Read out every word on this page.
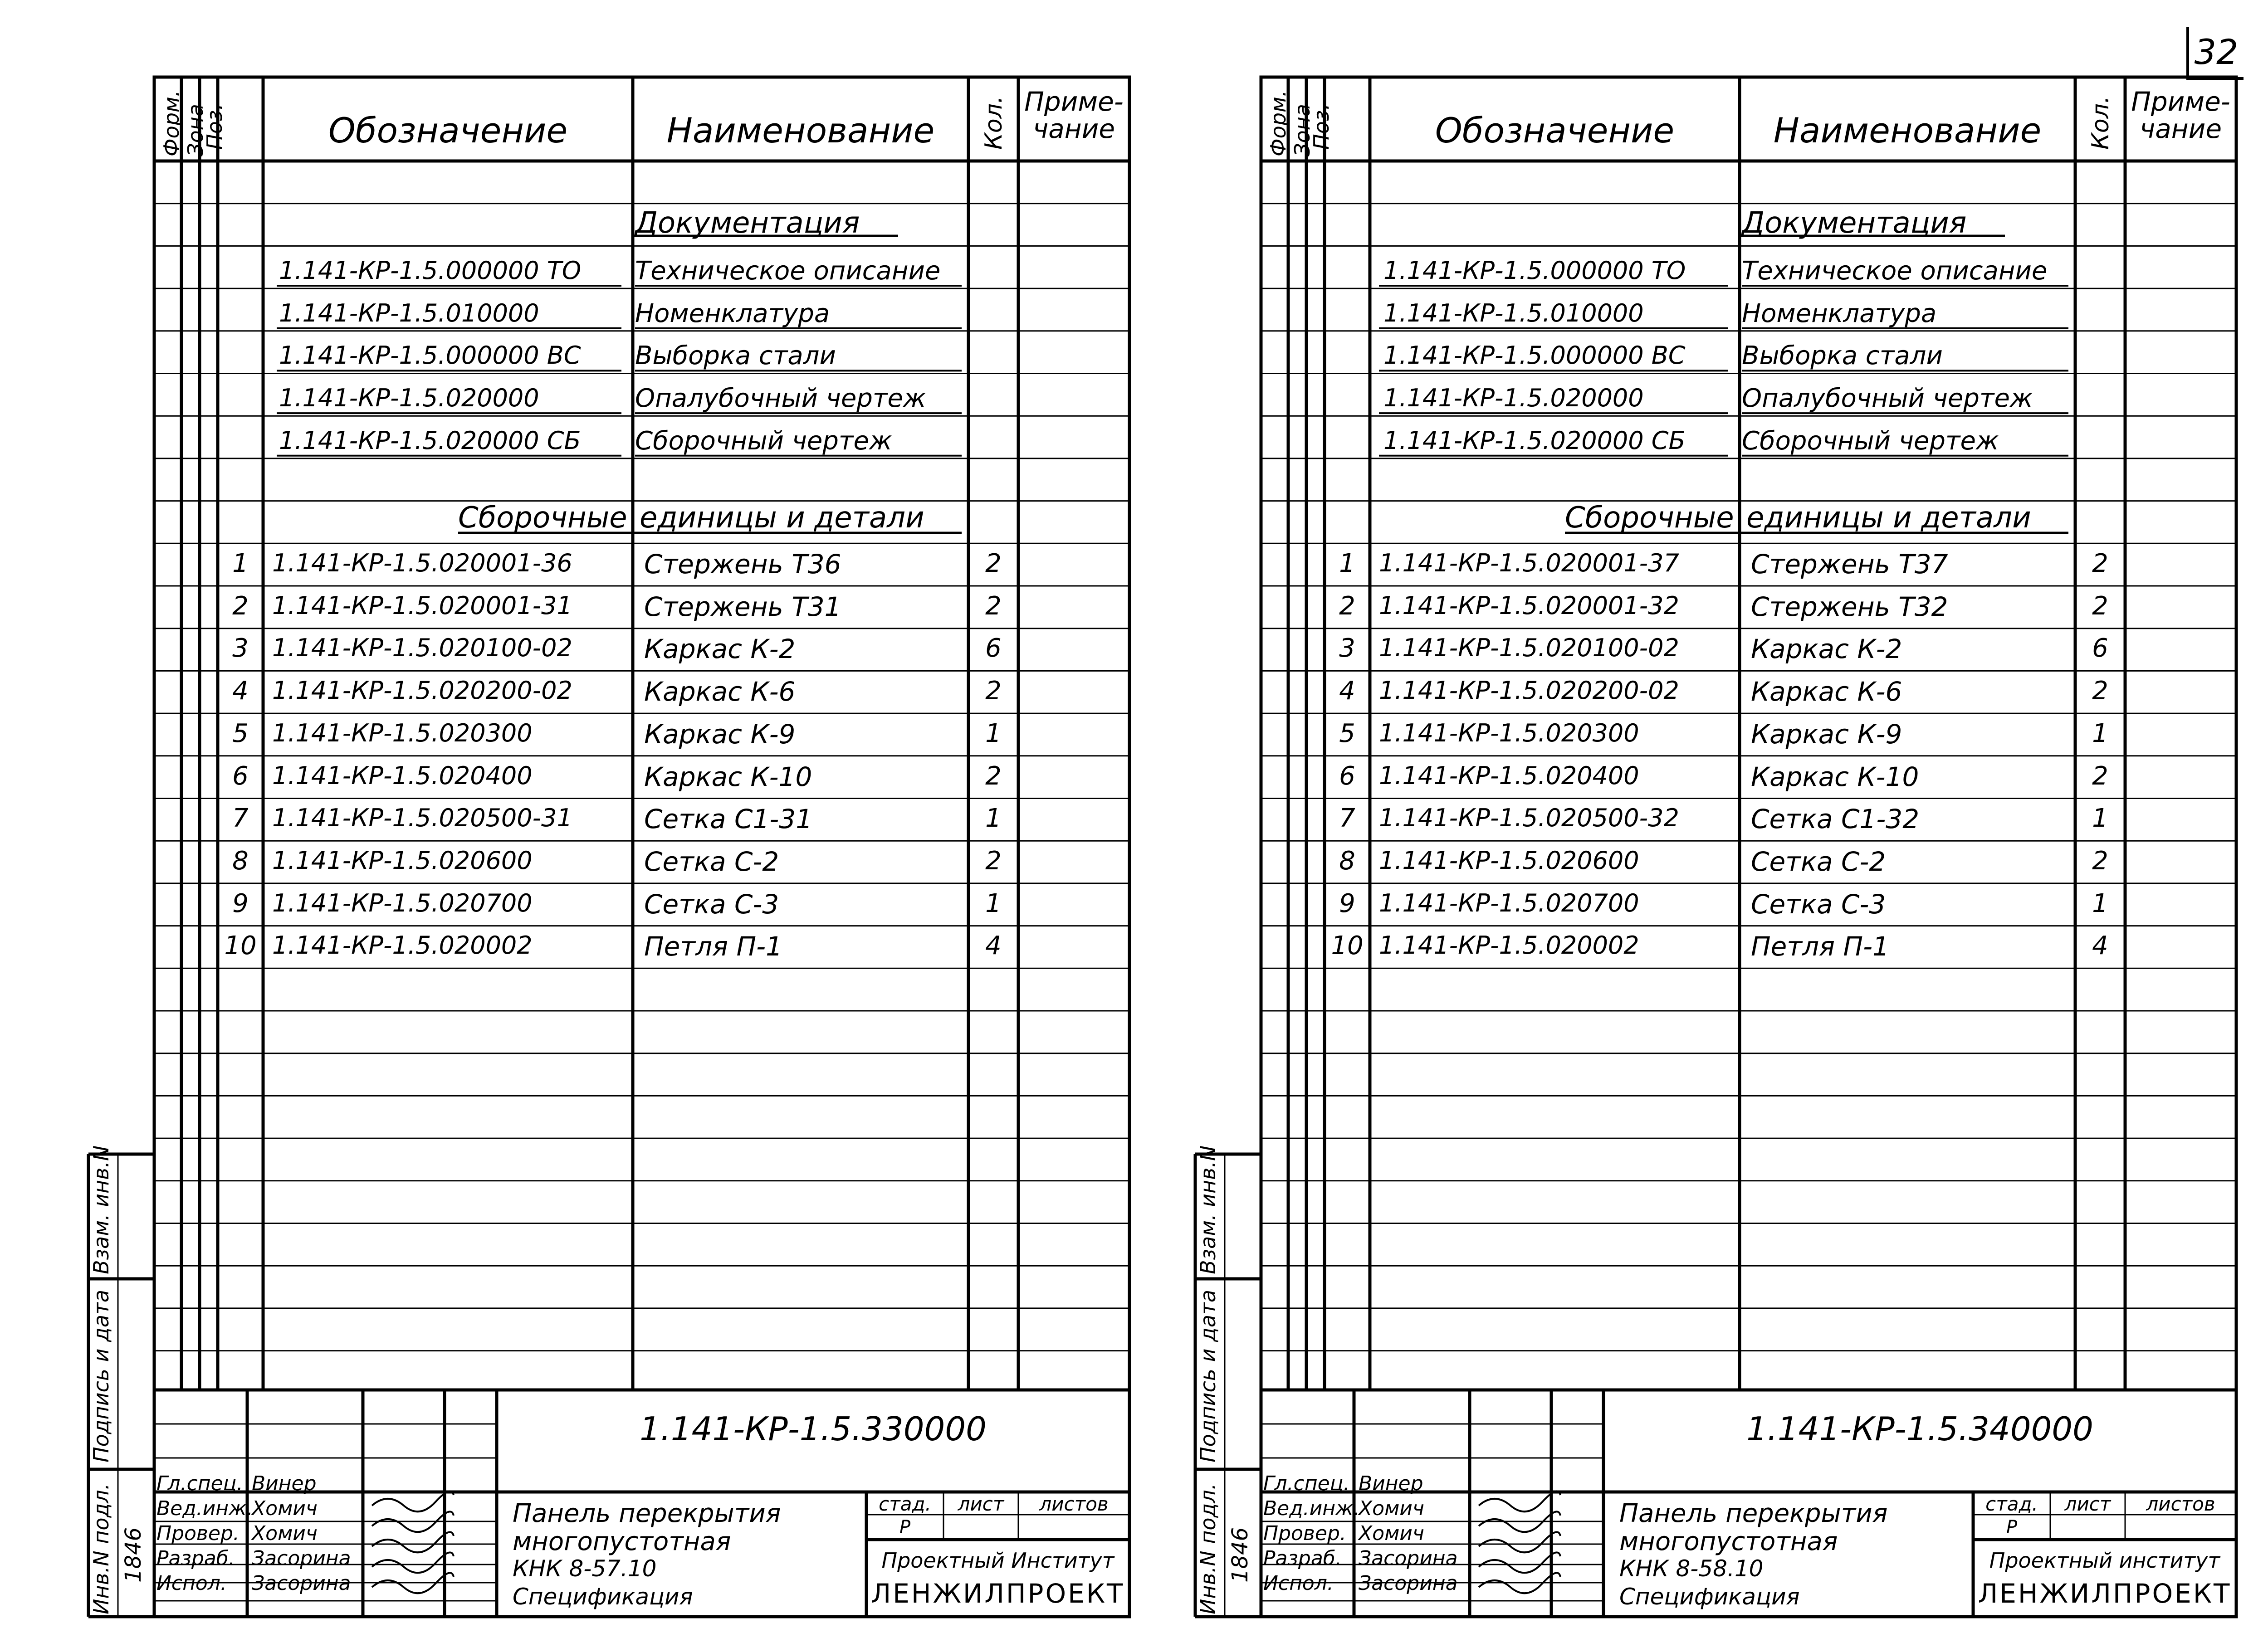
32
Форм. Зона
Поз.	Обозначение	Наименование	Кол. Приме-
чание
Документация
1.141-КР-1.5.000000 ТО Техническое описание
1.141-КР-1.5.010000	Номенклатура
1.141-КР-1.5.000000 ВС Выборка стали
1.141-КР-1.5.020000	Опалубочный чертеж
1.141-КР-1.5.020000 СБ Сборочный чертеж
Сборочные единицы и детали
1 1.141-КР-1.5.020001-36	Стержень Т36	2
2 1.141-КР-1.5.020001-31	Стержень Т31	2
3 1.141-КР-1.5.020100-02	Каркас К-2	6
4 1.141-КР-1.5.020200-02	Каркас К-6	2
5 1.141-КР-1.5.020300	Каркас К-9	1
6 1.141-КР-1.5.020400	Каркас К-10	2
7 1.141-КР-1.5.020500-31	Сетка С1-31	1
8 1.141-КР-1.5.020600	Сетка С-2	2
9 1.141-КР-1.5.020700	Сетка С-3	1
10 1.141-КР-1.5.020002	Петля П-1	4
1.141-КР-1.5.330000
Гл.спец. Винер
Вед.инж.
Хомич
Провер. Хомич
Разраб. Засорина
Испол. Засорина
Панель перекрытия
многопустотная
КНК 8-57.10
Спецификация
стад.	лист	листов
Р
Проектный Институт
ЛЕНЖИЛПРОЕКТ
Инв.N подл.
Подпись и дата
Взам. инв.N
1846
Форм. Зона
Поз.	Обозначение	Наименование	Кол. Приме-
чание
Документация
1.141-КР-1.5.000000 ТО Техническое описание
1.141-КР-1.5.010000	Номенклатура
1.141-КР-1.5.000000 ВС Выборка стали
1.141-КР-1.5.020000	Опалубочный чертеж
1.141-КР-1.5.020000 СБ Сборочный чертеж
Сборочные единицы и детали
1 1.141-КР-1.5.020001-37	Стержень Т37	2
2 1.141-КР-1.5.020001-32	Стержень Т32	2
3 1.141-КР-1.5.020100-02	Каркас К-2	6
4 1.141-КР-1.5.020200-02	Каркас К-6	2
5 1.141-КР-1.5.020300	Каркас К-9	1
6 1.141-КР-1.5.020400	Каркас К-10	2
7 1.141-КР-1.5.020500-32	Сетка С1-32	1
8 1.141-КР-1.5.020600	Сетка С-2	2
9 1.141-КР-1.5.020700	Сетка С-3	1
10 1.141-КР-1.5.020002	Петля П-1	4
1.141-КР-1.5.340000
Гл.спец. Винер
Вед.инж.
Хомич
Провер. Хомич
Разраб. Засорина
Испол. Засорина
Панель перекрытия
многопустотная
КНК 8-58.10
Спецификация
стад.	лист	листов
Р
Проектный институт
ЛЕНЖИЛПРОЕКТ
Инв.N подл.
Подпись и дата
Взам. инв.N
1846
